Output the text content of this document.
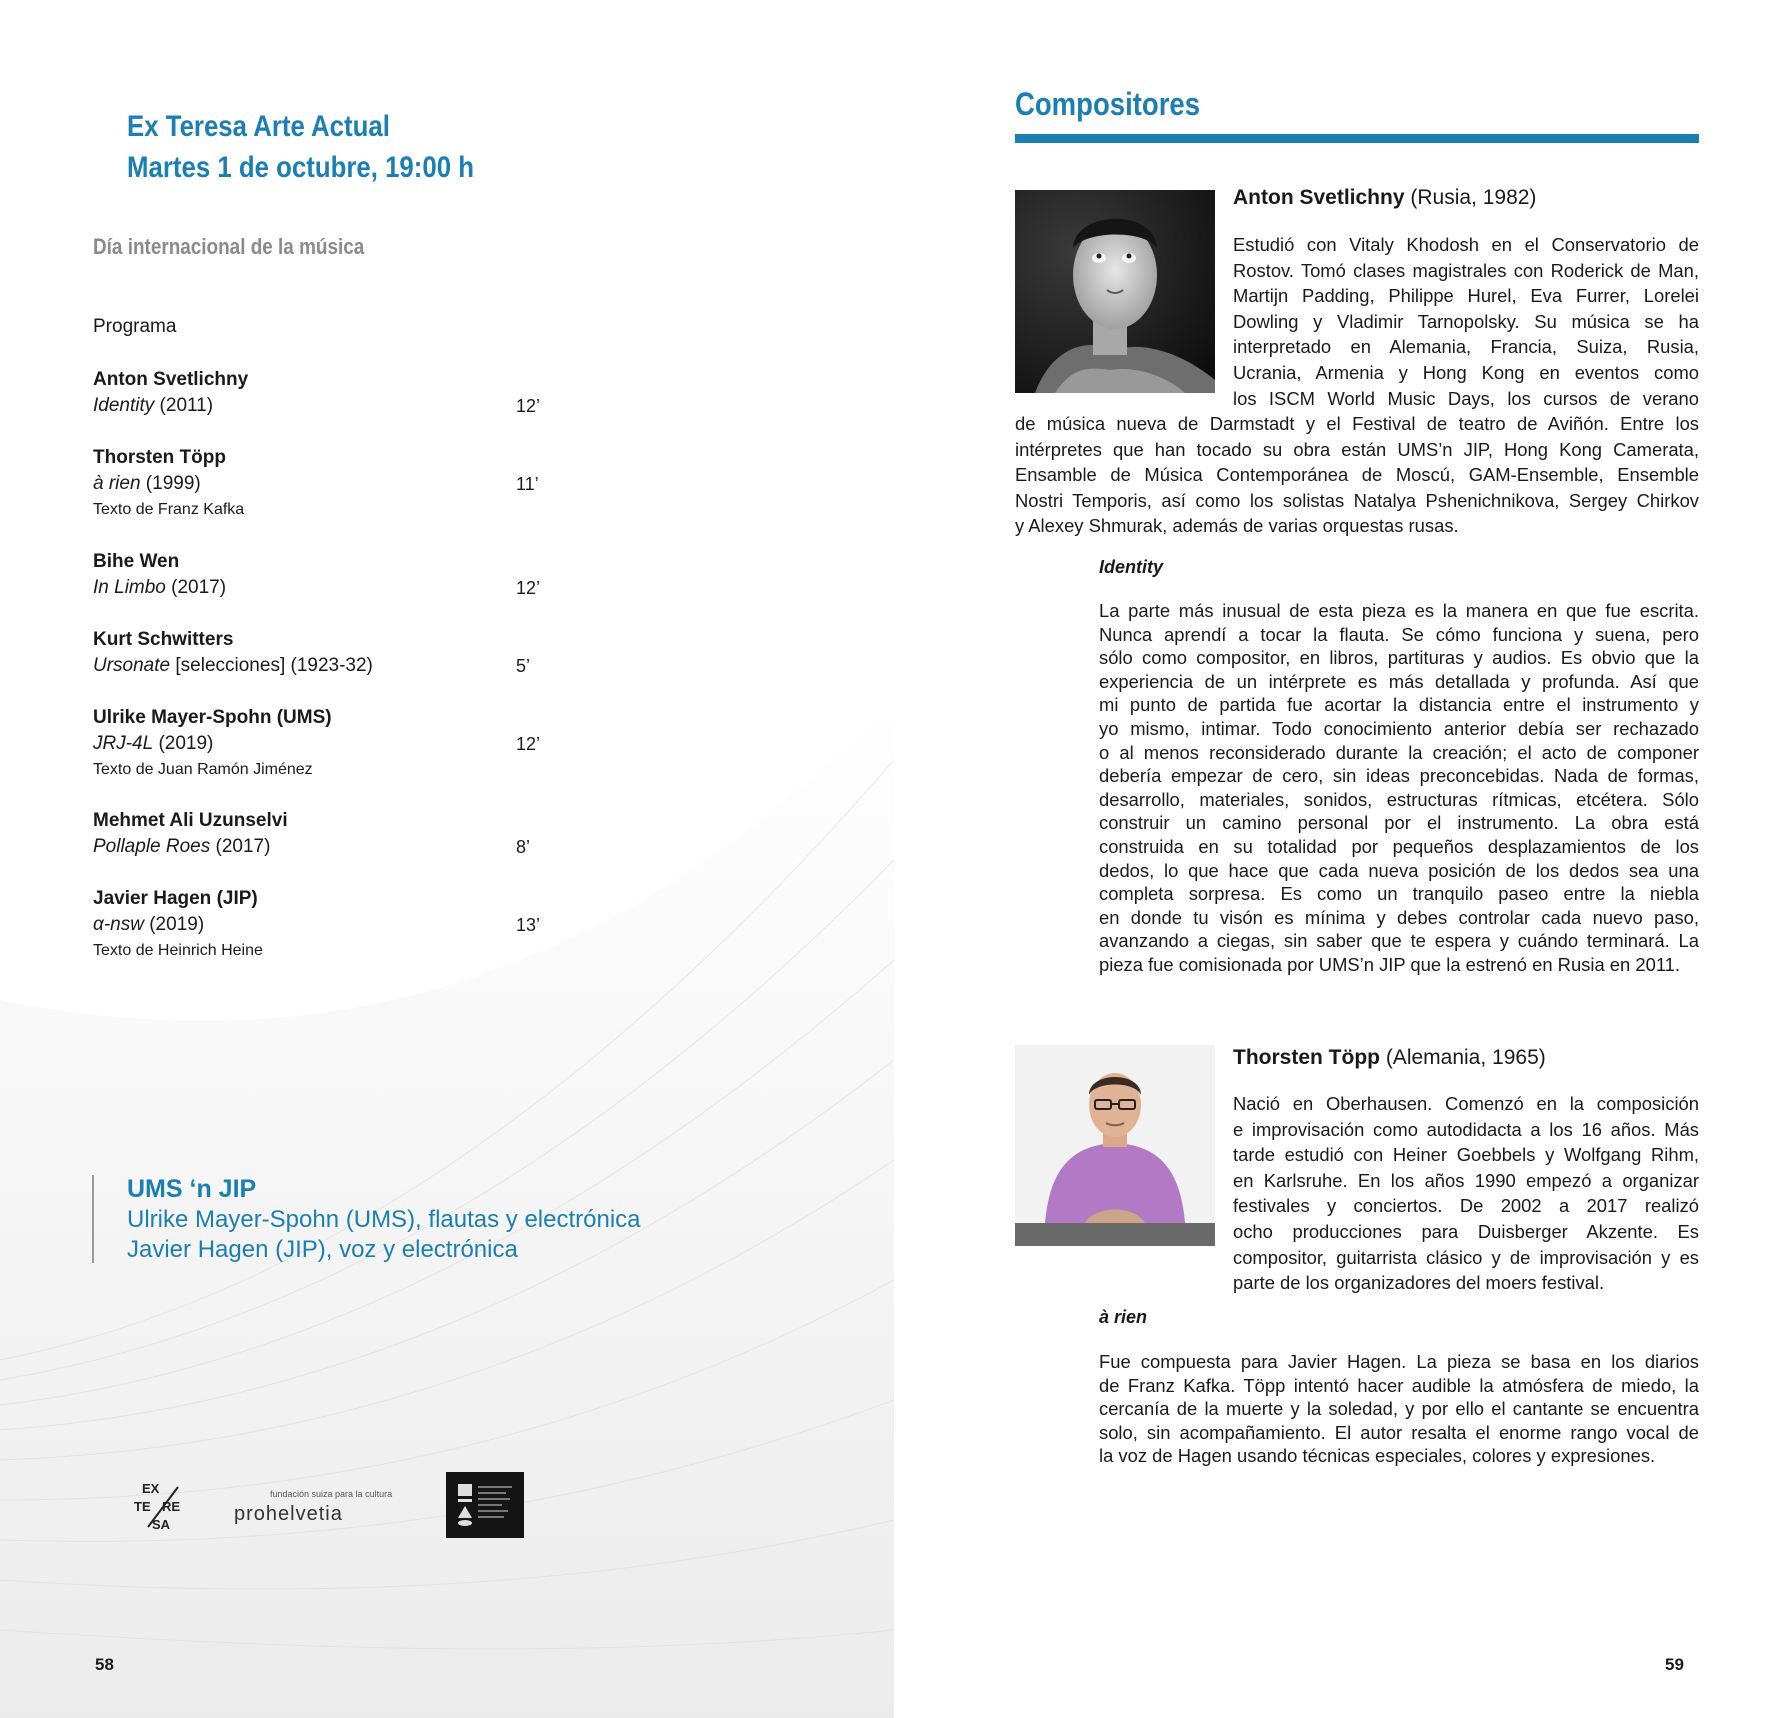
Ex Teresa Arte Actual
Martes 1 de octubre, 19:00 h
Día internacional de la música
Programa
Anton Svetlichny
Identity (2011)	12’
Thorsten Töpp
à rien (1999)	11’
Texto de Franz Kafka
Bihe Wen
In Limbo (2017)	12’
Kurt Schwitters
Ursonate [selecciones] (1923-32)	5’
Ulrike Mayer-Spohn (UMS)
JRJ-4L (2019)	12’
Texto de Juan Ramón Jiménez
Mehmet Ali Uzunselvi
Pollaple Roes (2017)	8’
Javier Hagen (JIP)
α-nsw (2019)	13’
Texto de Heinrich Heine
UMS ‘n JIP
Ulrike Mayer-Spohn (UMS), flautas y electrónica
Javier Hagen (JIP), voz y electrónica
EX
TE RE
SA
fundación suiza para la cultura
prohelvetia
58
Compositores
Anton Svetlichny (Rusia, 1982)
Estudió con Vitaly Khodosh en el Conservatorio de
Rostov. Tomó clases magistrales con Roderick de Man,
Martijn Padding, Philippe Hurel, Eva Furrer, Lorelei
Dowling y Vladimir Tarnopolsky. Su música se ha
interpretado en Alemania, Francia, Suiza, Rusia,
Ucrania, Armenia y Hong Kong en eventos como
los ISCM World Music Days, los cursos de verano
de música nueva de Darmstadt y el Festival de teatro de Aviñón. Entre los
intérpretes que han tocado su obra están UMS’n JIP, Hong Kong Camerata,
Ensamble de Música Contemporánea de Moscú, GAM-Ensemble, Ensemble
Nostri Temporis, así como los solistas Natalya Pshenichnikova, Sergey Chirkov
y Alexey Shmurak, además de varias orquestas rusas.
Identity
La parte más inusual de esta pieza es la manera en que fue escrita.
Nunca aprendí a tocar la flauta. Se cómo funciona y suena, pero
sólo como compositor, en libros, partituras y audios. Es obvio que la
experiencia de un intérprete es más detallada y profunda. Así que
mi punto de partida fue acortar la distancia entre el instrumento y
yo mismo, intimar. Todo conocimiento anterior debía ser rechazado
o al menos reconsiderado durante la creación; el acto de componer
debería empezar de cero, sin ideas preconcebidas. Nada de formas,
desarrollo, materiales, sonidos, estructuras rítmicas, etcétera. Sólo
construir un camino personal por el instrumento. La obra está
construida en su totalidad por pequeños desplazamientos de los
dedos, lo que hace que cada nueva posición de los dedos sea una
completa sorpresa. Es como un tranquilo paseo entre la niebla
en donde tu visón es mínima y debes controlar cada nuevo paso,
avanzando a ciegas, sin saber que te espera y cuándo terminará. La
pieza fue comisionada por UMS’n JIP que la estrenó en Rusia en 2011.
Thorsten Töpp (Alemania, 1965)
Nació en Oberhausen. Comenzó en la composición
e improvisación como autodidacta a los 16 años. Más
tarde estudió con Heiner Goebbels y Wolfgang Rihm,
en Karlsruhe. En los años 1990 empezó a organizar
festivales y conciertos. De 2002 a 2017 realizó
ocho producciones para Duisberger Akzente. Es
compositor, guitarrista clásico y de improvisación y es
parte de los organizadores del moers festival.
à rien
Fue compuesta para Javier Hagen. La pieza se basa en los diarios
de Franz Kafka. Töpp intentó hacer audible la atmósfera de miedo, la
cercanía de la muerte y la soledad, y por ello el cantante se encuentra
solo, sin acompañamiento. El autor resalta el enorme rango vocal de
la voz de Hagen usando técnicas especiales, colores y expresiones.
59
